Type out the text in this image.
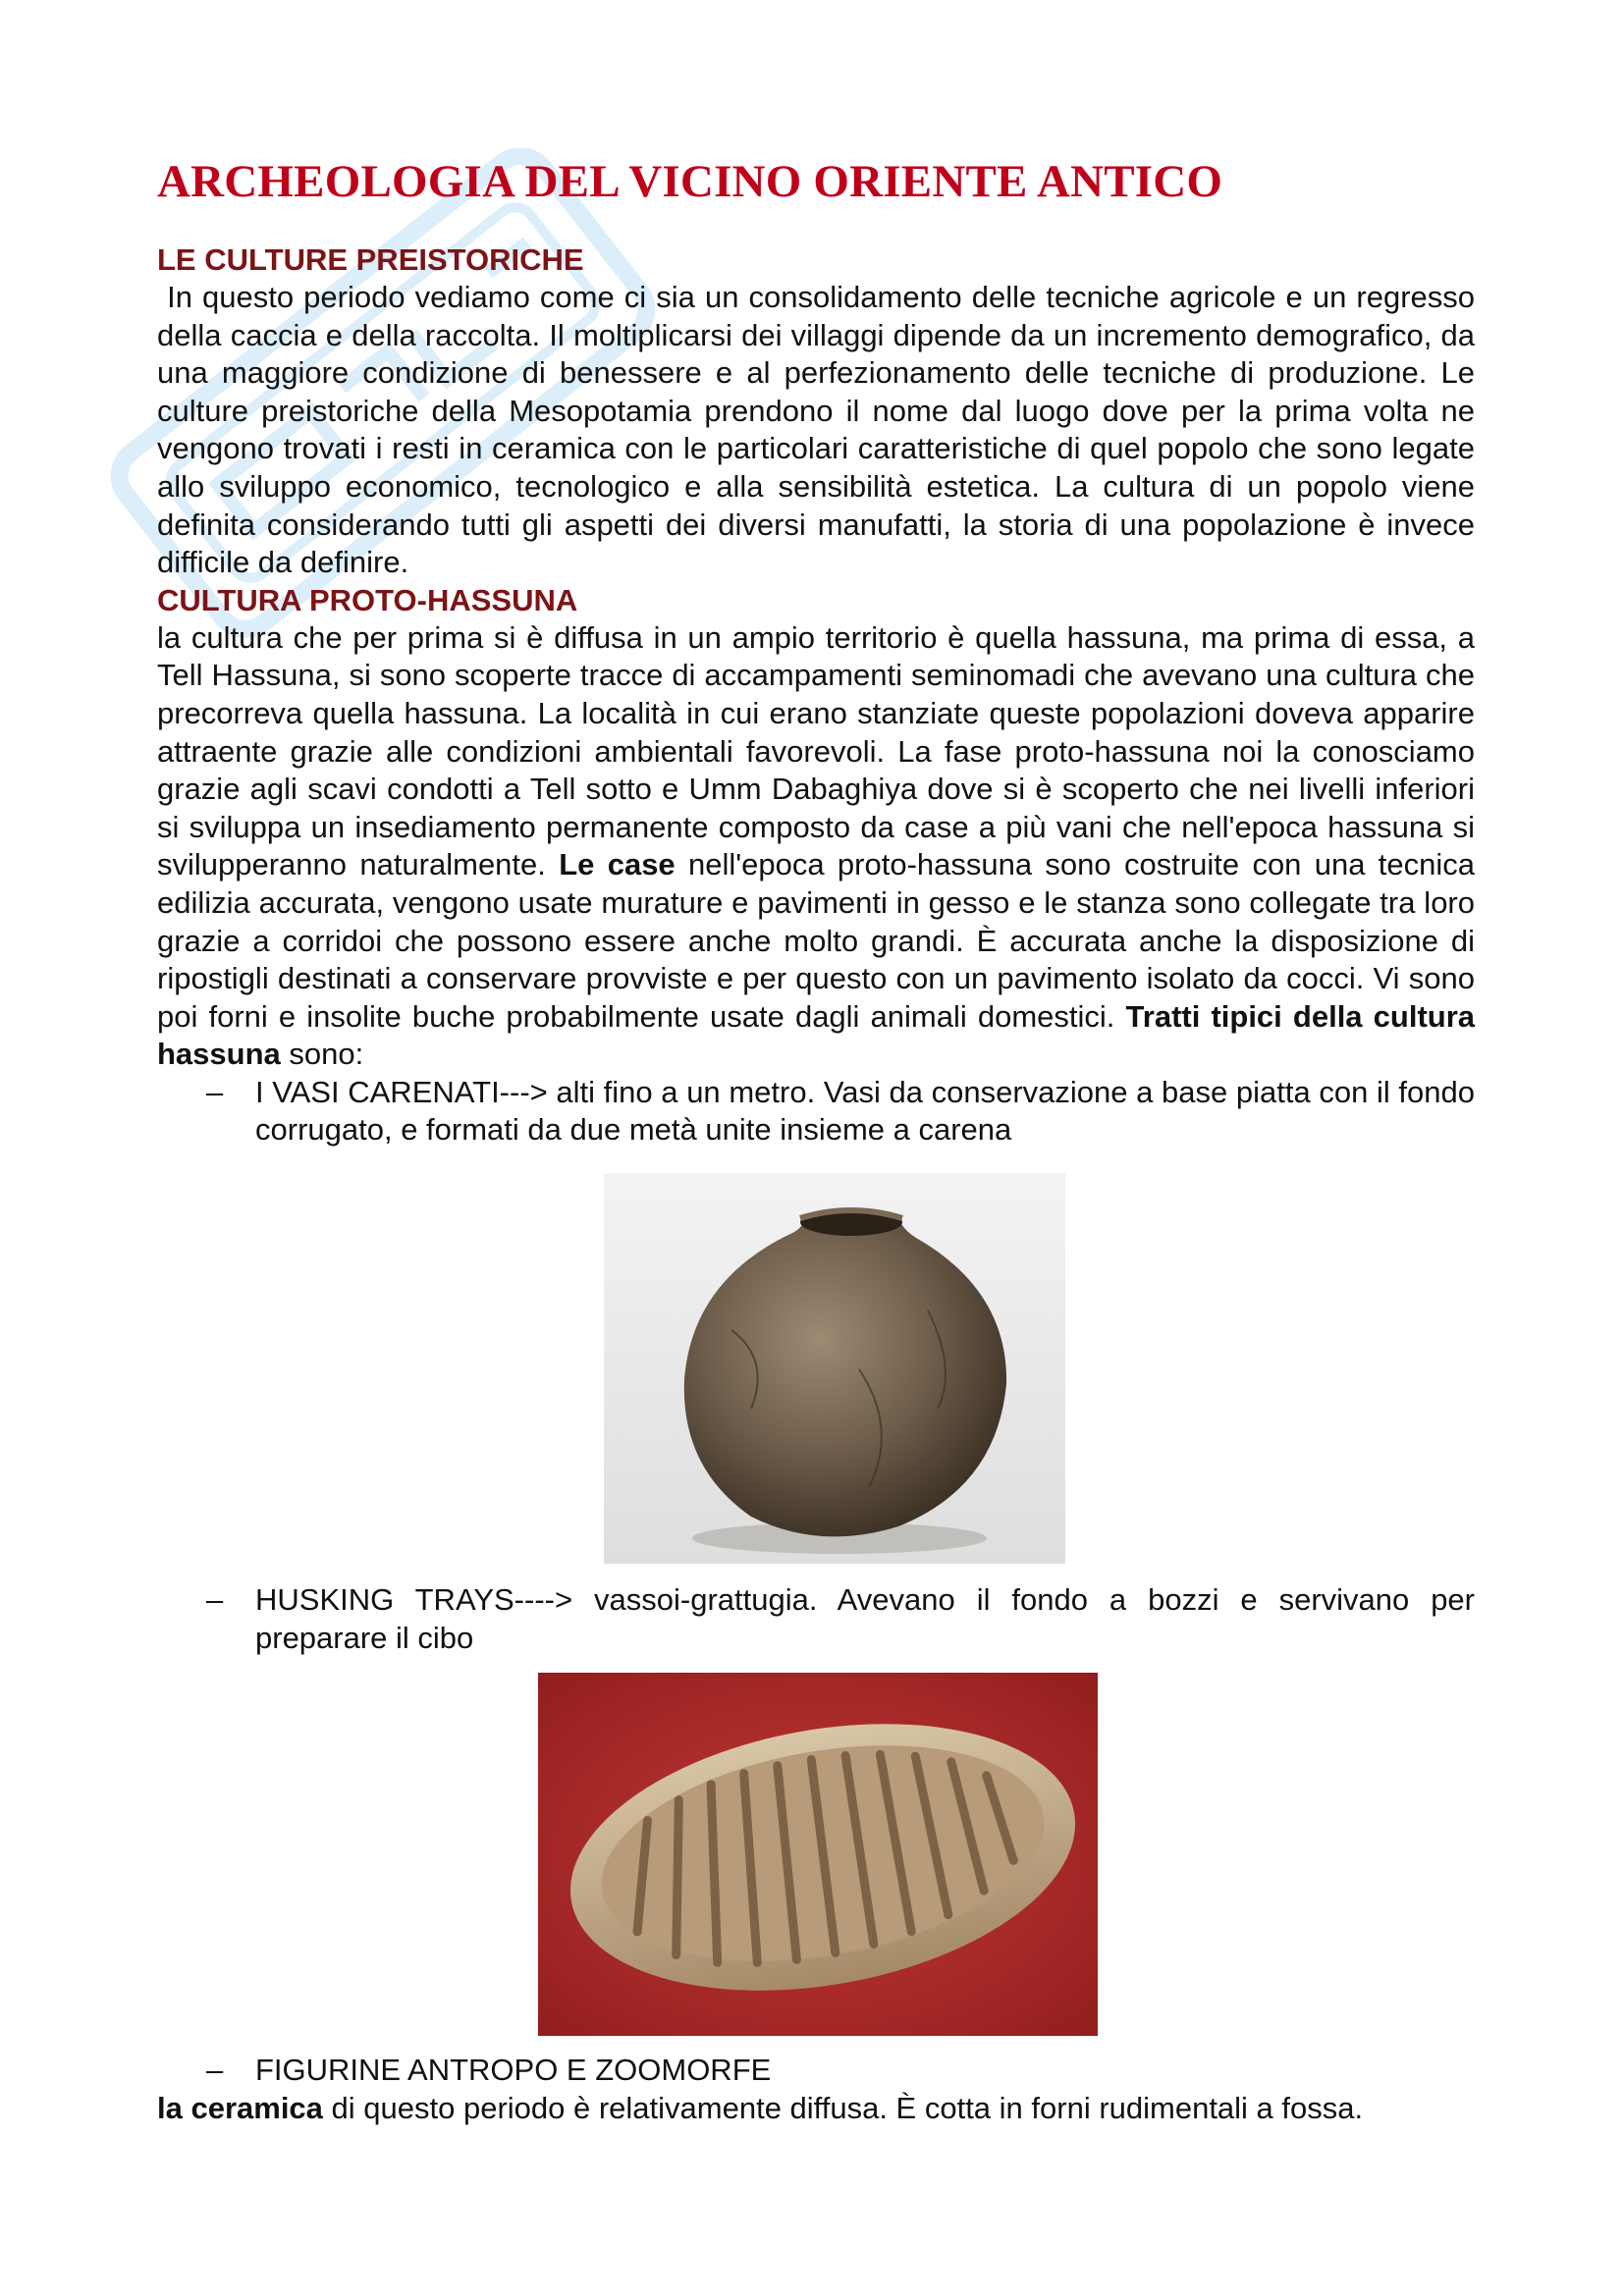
ARCHEOLOGIA DEL VICINO ORIENTE ANTICO
LE CULTURE PREISTORICHE

In questo periodo vediamo come ci sia un consolidamento delle tecniche agricole e un regresso della caccia e della raccolta. Il moltiplicarsi dei villaggi dipende da un incremento demografico, da una maggiore condizione di benessere e al perfezionamento delle tecniche di produzione. Le culture preistoriche della Mesopotamia prendono il nome dal luogo dove per la prima volta ne vengono trovati i resti in ceramica con le particolari caratteristiche di quel popolo che sono legate allo sviluppo economico, tecnologico e alla sensibilità estetica. La cultura di un popolo viene definita considerando tutti gli aspetti dei diversi manufatti, la storia di una popolazione è invece difficile da definire.

CULTURA PROTO-HASSUNA

la cultura che per prima si è diffusa in un ampio territorio è quella hassuna, ma prima di essa, a Tell Hassuna, si sono scoperte tracce di accampamenti seminomadi che avevano una cultura che precorreva quella hassuna. La località in cui erano stanziate queste popolazioni doveva apparire attraente grazie alle condizioni ambientali favorevoli. La fase proto-hassuna noi la conosciamo grazie agli scavi condotti a Tell sotto e Umm Dabaghiya dove si è scoperto che nei livelli inferiori si sviluppa un insediamento permanente composto da case a più vani che nell'epoca hassuna si svilupperanno naturalmente. Le case nell'epoca proto-hassuna sono costruite con una tecnica edilizia accurata, vengono usate murature e pavimenti in gesso e le stanza sono collegate tra loro grazie a corridoi che possono essere anche molto grandi. È accurata anche la disposizione di ripostigli destinati a conservare provviste e per questo con un pavimento isolato da cocci. Vi sono poi forni e insolite buche probabilmente usate dagli animali domestici. Tratti tipici della cultura hassuna sono:

– I VASI CARENATI---> alti fino a un metro. Vasi da conservazione a base piatta con il fondo corrugato, e formati da due metà unite insieme a carena
– HUSKING TRAYS----> vassoi-grattugia. Avevano il fondo a bozzi e servivano per preparare il cibo
– FIGURINE ANTROPO E ZOOMORFE

la ceramica di questo periodo è relativamente diffusa. È cotta in forni rudimentali a fossa.
